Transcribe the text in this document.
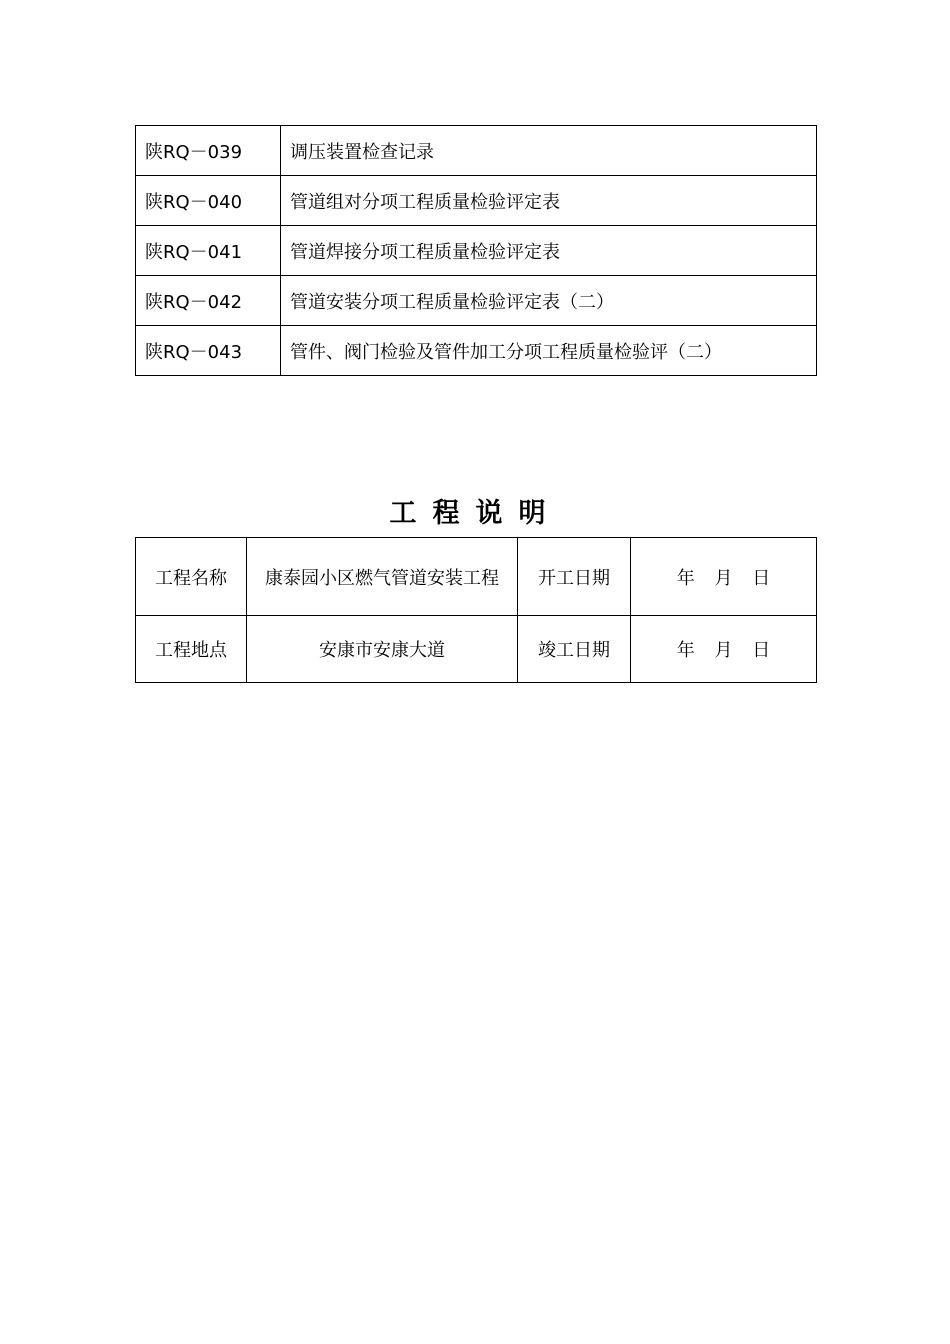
陕RQ－039	调压装置检查记录
陕RQ－040	管道组对分项工程质量检验评定表
陕RQ－041	管道焊接分项工程质量检验评定表
陕RQ－042	管道安装分项工程质量检验评定表（二）
陕RQ－043	管件、阀门检验及管件加工分项工程质量检验评（二）
工程说明
工程名称	康泰园小区燃气管道安装工程	开工日期	年 月 日
工程地点	安康市安康大道	竣工日期	年 月 日
